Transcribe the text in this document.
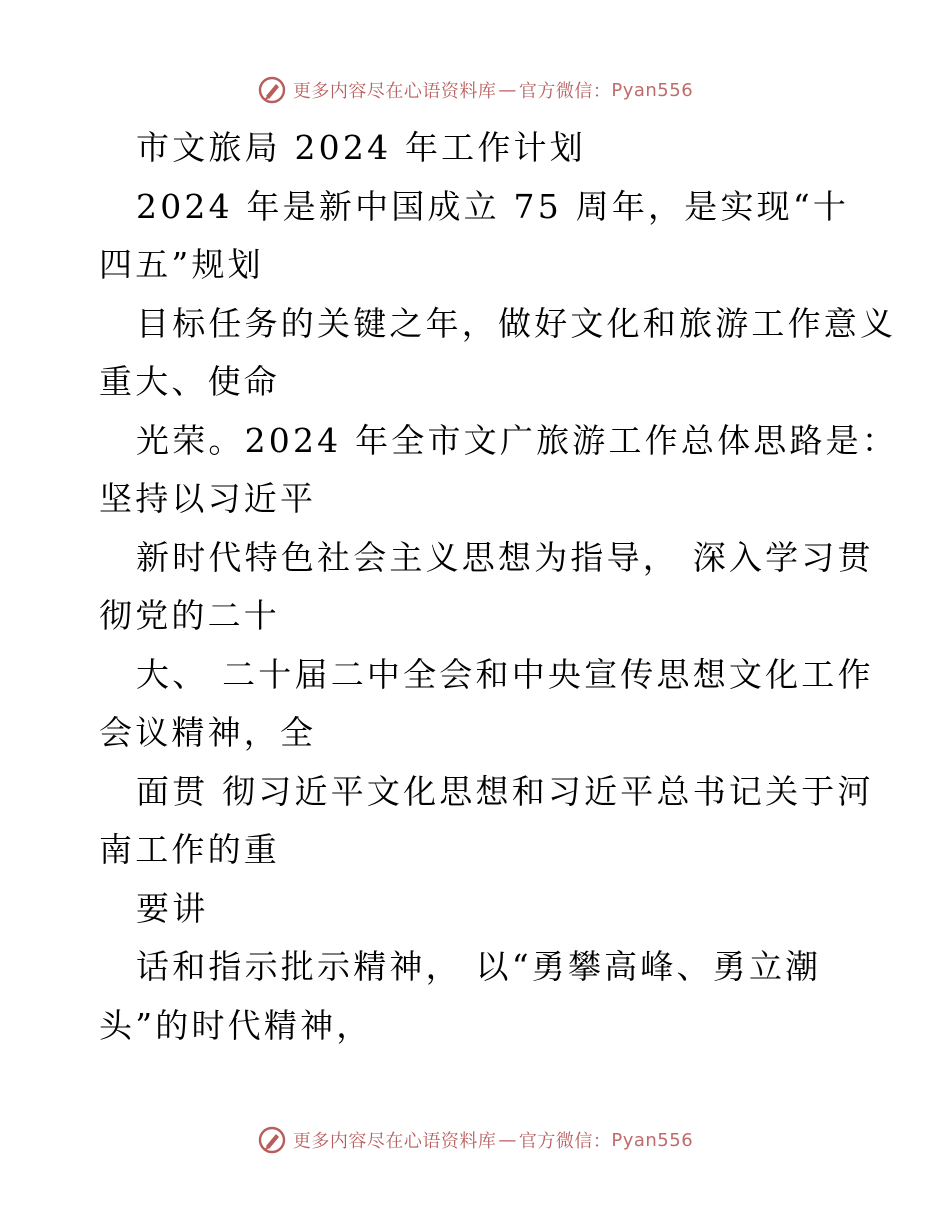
更多内容尽在心语资料库 — 官方微信： Pyan556
市文旅局 2024 年工作计划
2024 年是新中国成立 75 周年，是实现“十
四五”规划
目标任务的关键之年，做好文化和旅游工作意义
重大、使命
光荣。2024 年全市文广旅游工作总体思路是：
坚持以习近平
新时代特色社会主义思想为指导， 深入学习贯
彻党的二十
大、 二十届二中全会和中央宣传思想文化工作
会议精神，全
面贯 彻习近平文化思想和习近平总书记关于河
南工作的重
要讲
话和指示批示精神， 以“勇攀高峰、勇立潮
头”的时代精神，
更多内容尽在心语资料库 — 官方微信： Pyan556
